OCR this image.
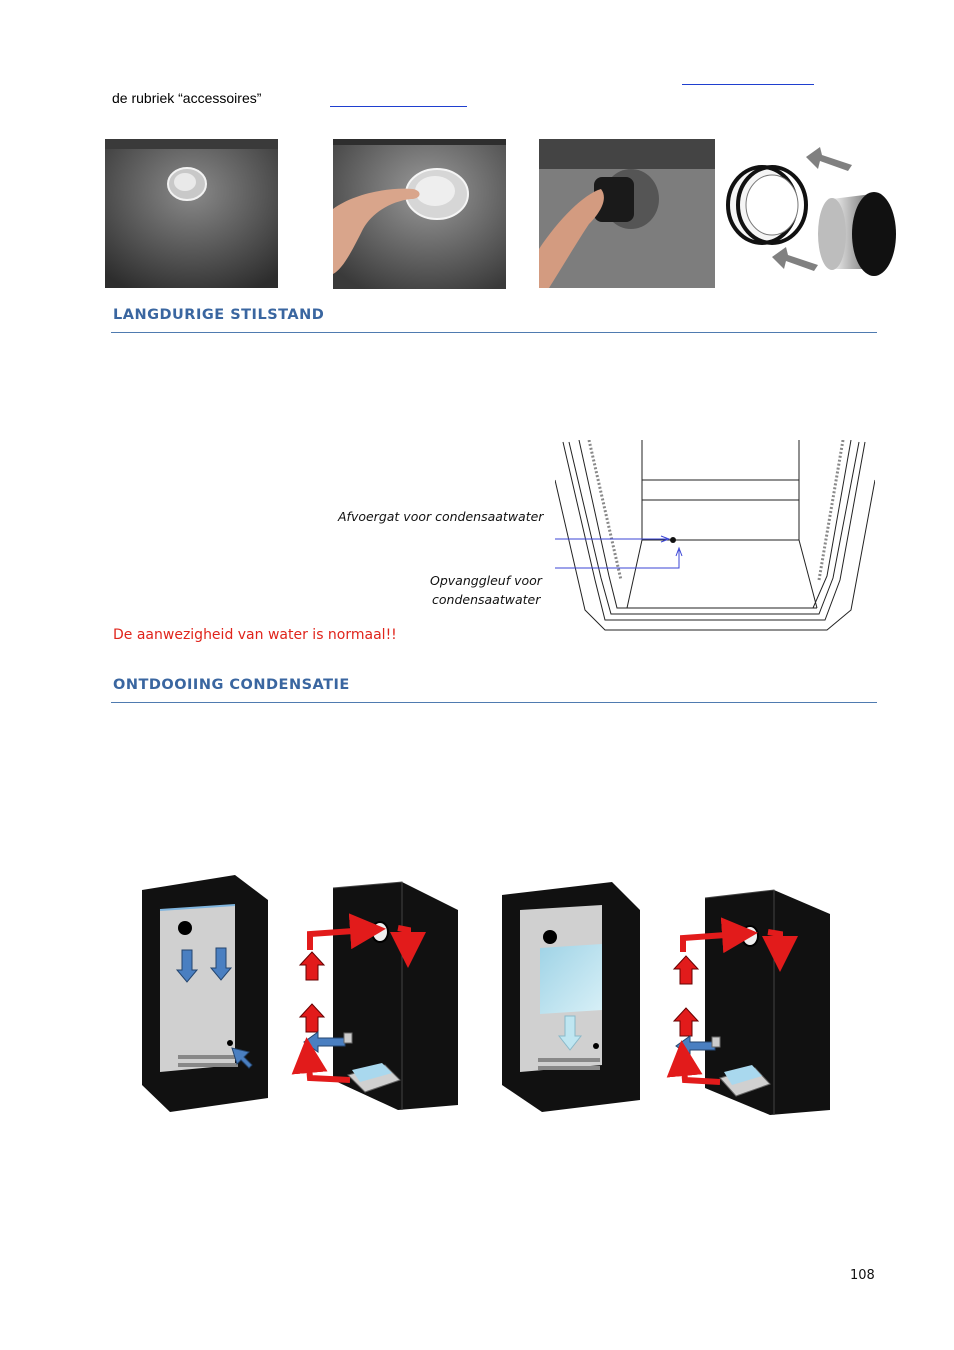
de rubriek “accessoires”
LANGDURIGE STILSTAND
Afvoergat voor condensaatwater
Opvanggleuf voor
condensaatwater
De aanwezigheid van water is normaal!!
ONTDOOIING CONDENSATIE
108
